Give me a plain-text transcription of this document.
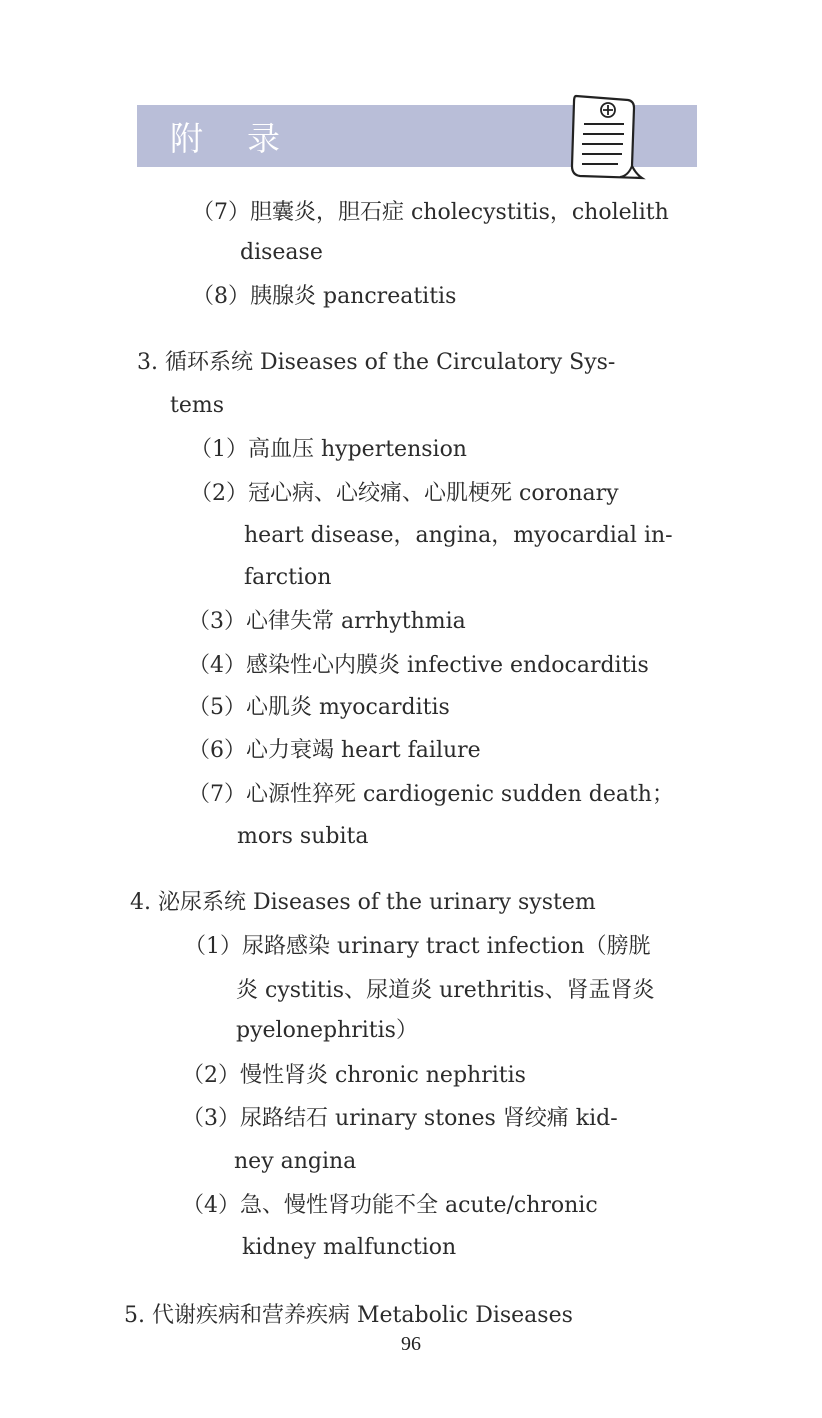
附录
（7）胆囊炎，胆石症 cholecystitis，cholelith
disease
（8）胰腺炎 pancreatitis
3. 循环系统 Diseases of the Circulatory Sys-
tems
（1）高血压 hypertension
（2）冠心病、心绞痛、心肌梗死 coronary
heart disease，angina，myocardial in-
farction
（3）心律失常 arrhythmia
（4）感染性心内膜炎 infective endocarditis
（5）心肌炎 myocarditis
（6）心力衰竭 heart failure
（7）心源性猝死 cardiogenic sudden death；
mors subita
4. 泌尿系统 Diseases of the urinary system
（1）尿路感染 urinary tract infection（膀胱
炎 cystitis、尿道炎 urethritis、肾盂肾炎
pyelonephritis）
（2）慢性肾炎 chronic nephritis
（3）尿路结石 urinary stones 肾绞痛 kid-
ney angina
（4）急、慢性肾功能不全 acute/chronic
kidney malfunction
5. 代谢疾病和营养疾病 Metabolic Diseases
96
